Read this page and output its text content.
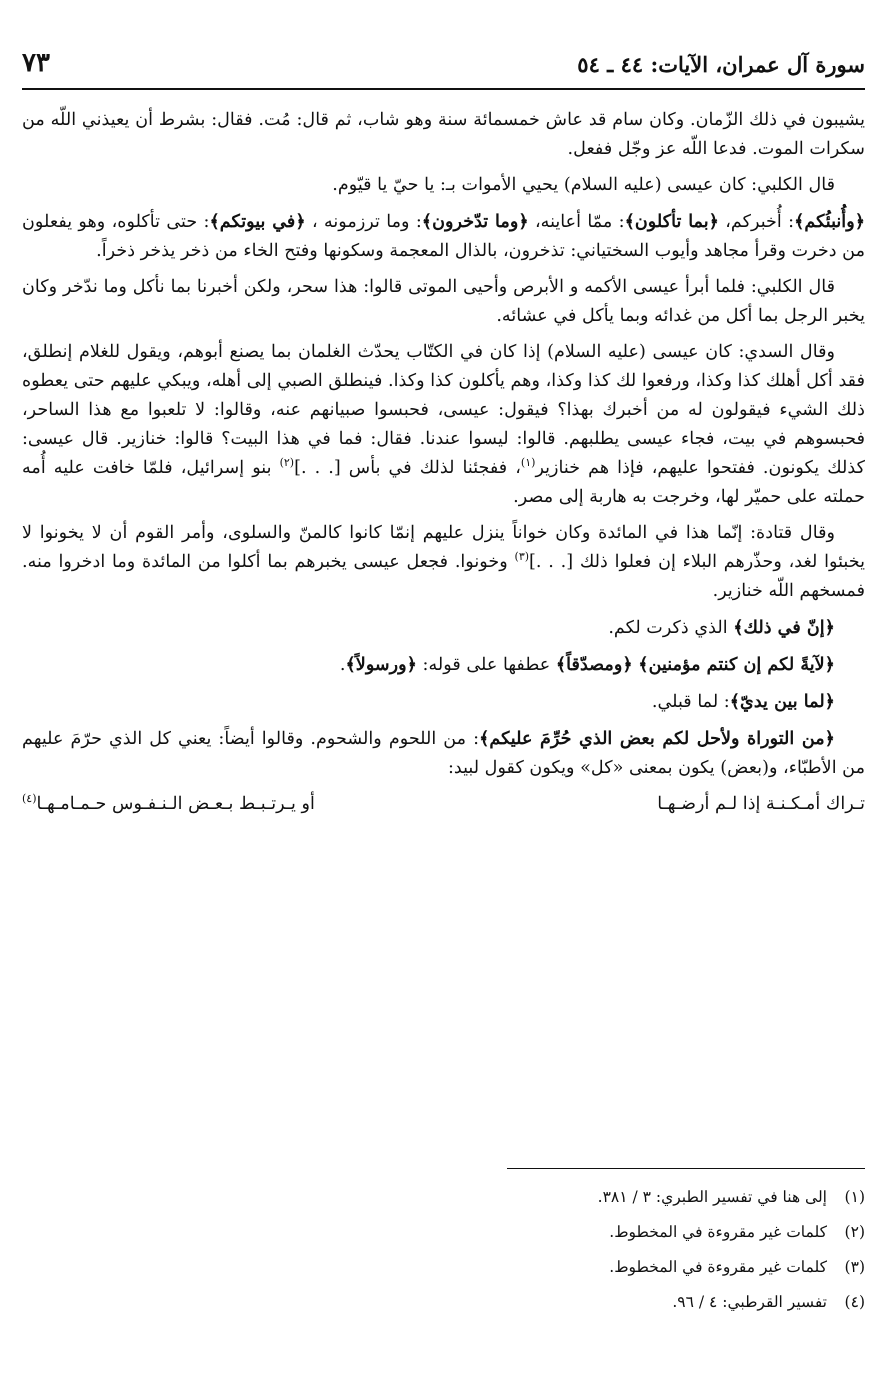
سورة آل عمران، الآيات: ٤٤ ـ ٥٤
٧٣

يشيبون في ذلك الزّمان. وكان سام قد عاش خمسمائة سنة وهو شاب، ثم قال: مُت. فقال: بشرط أن يعيذني اللّه من سكرات الموت. فدعا اللّه عز وجّل ففعل.

قال الكلبي: كان عيسى (عليه السلام) يحيي الأموات بـ: يا حيّ يا قيّوم.

﴿وأُنبئُكم﴾: أُخبركم، ﴿بما تأكلون﴾: ممّا أعاينه، ﴿وما تدّخرون﴾: وما ترزمونه ، ﴿في بيوتكم﴾: حتى تأكلوه، وهو يفعلون من دخرت وقرأ مجاهد وأيوب السختياني: تذخرون، بالذال المعجمة وسكونها وفتح الخاء من ذخر يذخر ذخراً.

قال الكلبي: فلما أبرأ عيسى الأكمه و الأبرص وأحيى الموتى قالوا: هذا سحر، ولكن أخبرنا بما نأكل وما ندّخر وكان يخبر الرجل بما أكل من غدائه وبما يأكل في عشائه.

وقال السدي: كان عيسى (عليه السلام) إذا كان في الكتّاب يحدّث الغلمان بما يصنع أبوهم، ويقول للغلام إنطلق، فقد أكل أهلك كذا وكذا، ورفعوا لك كذا وكذا، وهم يأكلون كذا وكذا. فينطلق الصبي إلى أهله، ويبكي عليهم حتى يعطوه ذلك الشيء فيقولون له من أخبرك بهذا؟ فيقول: عيسى، فحبسوا صبيانهم عنه، وقالوا: لا تلعبوا مع هذا الساحر، فحبسوهم في بيت، فجاء عيسى يطلبهم. قالوا: ليسوا عندنا. فقال: فما في هذا البيت؟ قالوا: خنازير. قال عيسى: كذلك يكونون. ففتحوا عليهم، فإذا هم خنازير$^{(١)}$، ففجئنا لذلك في بأس [. . .]$^{(٢)}$ بنو إسرائيل، فلمّا خافت عليه أُمه حملته على حميّر لها، وخرجت به هاربة إلى مصر.

وقال قتادة: إنّما هذا في المائدة وكان خواناً ينزل عليهم إنمّا كانوا كالمنّ والسلوى، وأمر القوم أن لا يخونوا لا يخبئوا لغد، وحذّرهم البلاء إن فعلوا ذلك [. . .]$^{(٣)}$ وخونوا. فجعل عيسى يخبرهم بما أكلوا من المائدة وما ادخروا منه. فمسخهم اللّه خنازير.

﴿إنّ في ذلك﴾ الذي ذكرت لكم.

﴿لآيةً لكم إن كنتم مؤمنين﴾ ﴿ومصدّقاً﴾ عطفها على قوله: ﴿ورسولاً﴾.

﴿لما بين يديّ﴾: لما قبلي.

﴿من التوراة ولأحل لكم بعض الذي حُرِّمَ عليكم﴾: من اللحوم والشحوم. وقالوا أيضاً: يعني كل الذي حرّمَ عليهم من الأطبّاء، و(بعض) يكون بمعنى «كل» ويكون كقول لبيد:

تـراك أمـكـنـة إذا لـم أرضـهـا
أو يـرتـبـط بـعـض الـنـفـوس حـمـامـهـا$^{(٤)}$
(١)
إلى هنا في تفسير الطبري: ٣ / ٣٨١.
(٢)
كلمات غير مقروءة في المخطوط.
(٣)
كلمات غير مقروءة في المخطوط.
(٤)
تفسير القرطبي: ٤ / ٩٦.
